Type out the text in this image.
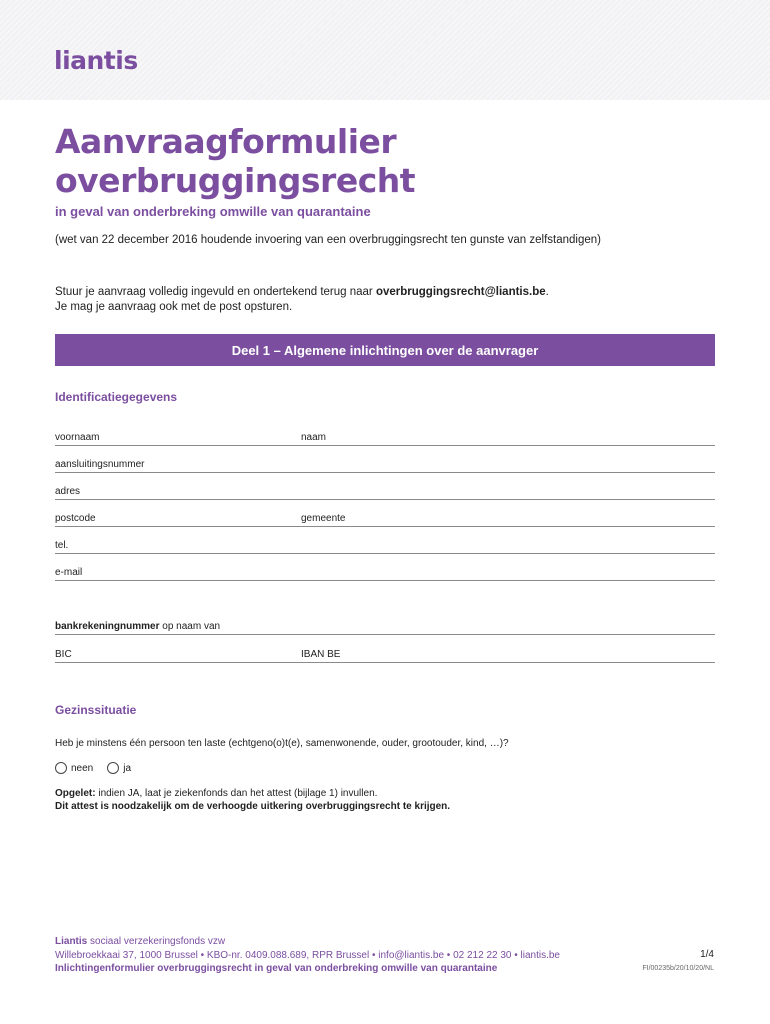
liantis
Aanvraagformulier
overbruggingsrecht
in geval van onderbreking omwille van quarantaine
(wet van 22 december 2016 houdende invoering van een overbruggingsrecht ten gunste van zelfstandigen)
Stuur je aanvraag volledig ingevuld en ondertekend terug naar overbruggingsrecht@liantis.be.
Je mag je aanvraag ook met de post opsturen.
Deel 1 – Algemene inlichtingen over de aanvrager
Identificatiegegevens
voornaam	naam
aansluitingsnummer
adres
postcode	gemeente
tel.
e-mail
bankrekeningnummer op naam van
BIC	IBAN BE
Gezinssituatie
Heb je minstens één persoon ten laste (echtgeno(o)t(e), samenwonende, ouder, grootouder, kind, …)?
neen	ja
Opgelet: indien JA, laat je ziekenfonds dan het attest (bijlage 1) invullen.
Dit attest is noodzakelijk om de verhoogde uitkering overbruggingsrecht te krijgen.
Liantis sociaal verzekeringsfonds vzw
Willebroekkaai 37, 1000 Brussel • KBO-nr. 0409.088.689, RPR Brussel • info@liantis.be • 02 212 22 30 • liantis.be
Inlichtingenformulier overbruggingsrecht in geval van onderbreking omwille van quarantaine
1/4
FI/00235b/20/10/20/NL
